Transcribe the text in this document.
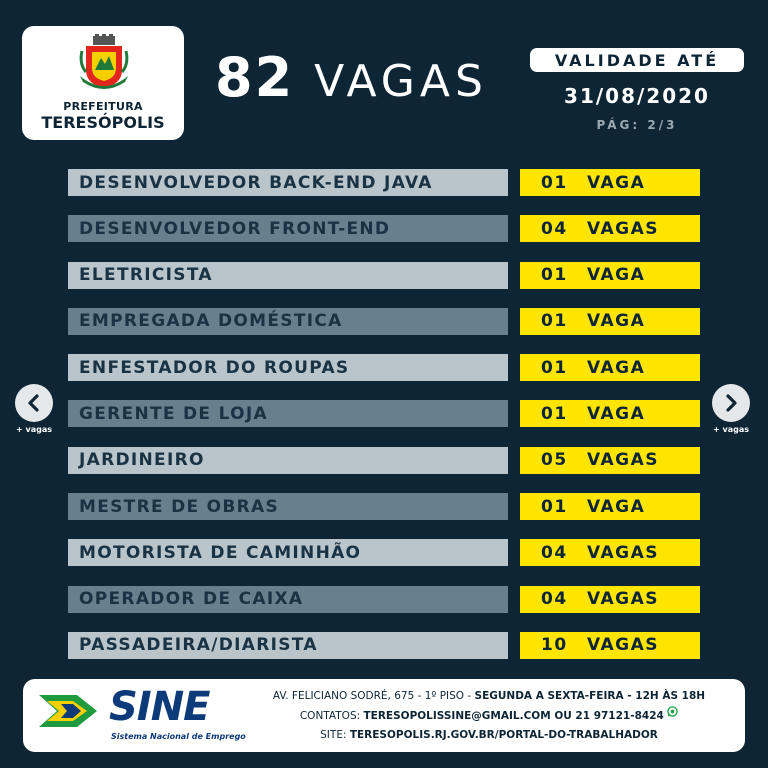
PREFEITURA
TERESÓPOLIS
82 VAGAS	VALIDADE ATÉ
31/08/2020
PÁG: 2/3
DESENVOLVEDOR BACK-END JAVA	01	VAGA
DESENVOLVEDOR FRONT-END	04	VAGAS
ELETRICISTA	01	VAGA
EMPREGADA DOMÉSTICA	01	VAGA
ENFESTADOR DO ROUPAS	01	VAGA
GERENTE DE LOJA	01	VAGA
JARDINEIRO	05	VAGAS
MESTRE DE OBRAS	01	VAGA
MOTORISTA DE CAMINHÃO	04	VAGAS
OPERADOR DE CAIXA	04	VAGAS
PASSADEIRA/DIARISTA	10	VAGAS
+ vagas	+ vagas
SINE
Sistema Nacional de Emprego
AV. FELICIANO SODRÉ, 675 - 1º PISO - SEGUNDA A SEXTA-FEIRA - 12H ÀS 18H
CONTATOS: TERESOPOLISSINE@GMAIL.COM OU 21 97121-8424
SITE: TERESOPOLIS.RJ.GOV.BR/PORTAL-DO-TRABALHADOR
